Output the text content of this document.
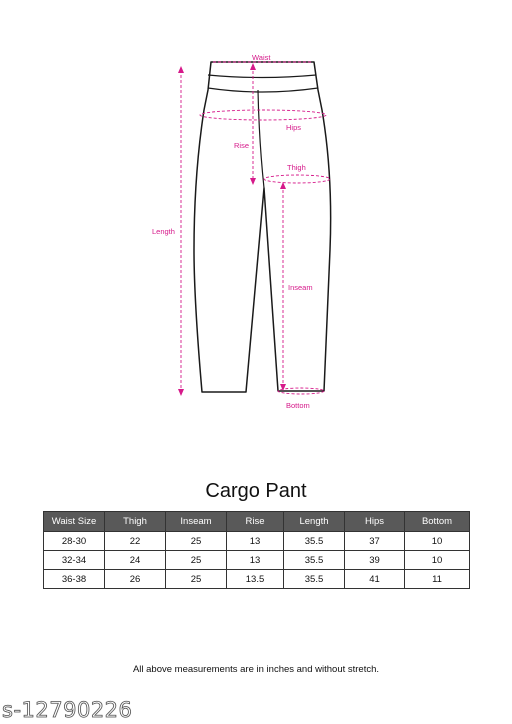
Waist
Hips
Rise
Thigh
Length
Inseam
Bottom
Cargo Pant
Waist Size	Thigh	Inseam	Rise	Length	Hips	Bottom
28-30	22	25	13	35.5	37	10
32-34	24	25	13	35.5	39	10
36-38	26	25	13.5	35.5	41	11
All above measurements are in inches and without stretch.
s-12790226
